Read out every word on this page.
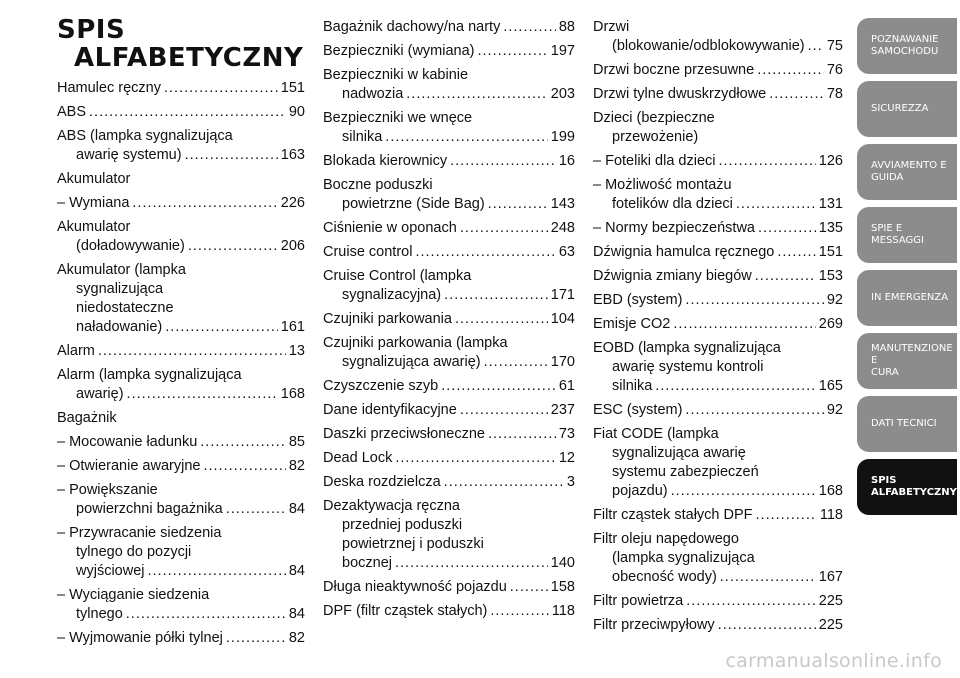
SPIS
ALFABETYCZNY
Hamulec ręczny .....	151
ABS .....	90
ABS (lampka sygnalizująca
awarię systemu) .....	163
Akumulator
– Wymiana .....	226
Akumulator
(doładowywanie) .....	206
Akumulator (lampka
sygnalizująca
niedostateczne
naładowanie) .....	161
Alarm .....	13
Alarm (lampka sygnalizująca
awarię) .....	168
Bagażnik
– Mocowanie ładunku .....	85
– Otwieranie awaryjne .....	82
– Powiększanie
powierzchni bagażnika .....	84
– Przywracanie siedzenia
tylnego do pozycji
wyjściowej .....	84
– Wyciąganie siedzenia
tylnego .....	84
– Wyjmowanie półki tylnej .....	82
Bagażnik dachowy/na narty .....	88
Bezpieczniki (wymiana) .....	197
Bezpieczniki w kabinie
nadwozia .....	203
Bezpieczniki we wnęce
silnika .....	199
Blokada kierownicy .....	16
Boczne poduszki
powietrzne (Side Bag) .....	143
Ciśnienie w oponach .....	248
Cruise control .....	63
Cruise Control (lampka
sygnalizacyjna) .....	171
Czujniki parkowania .....	104
Czujniki parkowania (lampka
sygnalizująca awarię) .....	170
Czyszczenie szyb .....	61
Dane identyfikacyjne .....	237
Daszki przeciwsłoneczne .....	73
Dead Lock .....	12
Deska rozdzielcza .....	3
Dezaktywacja ręczna
przedniej poduszki
powietrznej i poduszki
bocznej .....	140
Długa nieaktywność pojazdu .....	158
DPF (filtr cząstek stałych) .....	118
Drzwi
(blokowanie/odblokowywanie) ..... 75
Drzwi boczne przesuwne .....	76
Drzwi tylne dwuskrzydłowe .....	78
Dzieci (bezpieczne
przewożenie)
– Foteliki dla dzieci .....	126
– Możliwość montażu
fotelików dla dzieci .....	131
– Normy bezpieczeństwa .....	135
Dźwignia hamulca ręcznego .....	151
Dźwignia zmiany biegów .....	153
EBD (system) .....	92
Emisje CO2 .....	269
EOBD (lampka sygnalizująca
awarię systemu kontroli
silnika .....	165
ESC (system) .....	92
Fiat CODE (lampka
sygnalizująca awarię
systemu zabezpieczeń
pojazdu) .....	168
Filtr cząstek stałych DPF .....	118
Filtr oleju napędowego
(lampka sygnalizująca
obecność wody) .....	167
Filtr powietrza .....	225
Filtr przeciwpyłowy .....	225
POZNAWANIE
SAMOCHODU
SICUREZZA
AVVIAMENTO E
GUIDA
SPIE E MESSAGGI
IN EMERGENZA
MANUTENZIONE E
CURA
DATI TECNICI
SPIS
ALFABETYCZNY
carmanualsonline.info
